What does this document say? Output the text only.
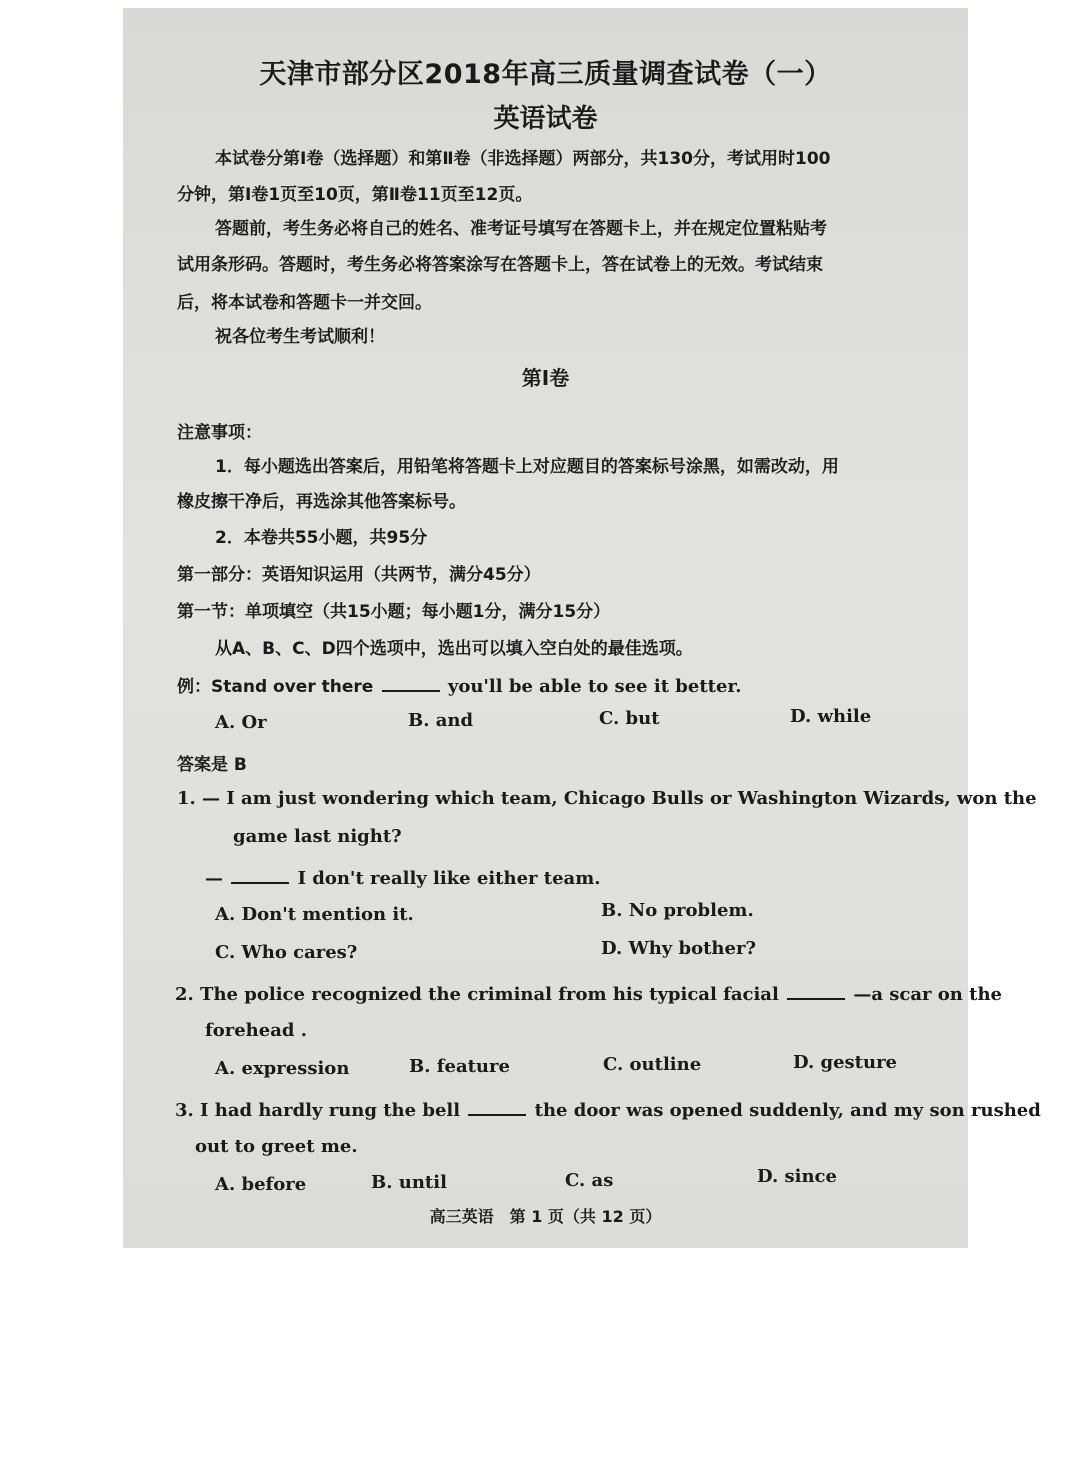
天津市部分区2018年高三质量调查试卷（一）
英语试卷
本试卷分第Ⅰ卷（选择题）和第Ⅱ卷（非选择题）两部分，共130分，考试用时100
分钟，第Ⅰ卷1页至10页，第Ⅱ卷11页至12页。
答题前，考生务必将自己的姓名、准考证号填写在答题卡上，并在规定位置粘贴考
试用条形码。答题时，考生务必将答案涂写在答题卡上，答在试卷上的无效。考试结束
后，将本试卷和答题卡一并交回。
祝各位考生考试顺利！
第Ⅰ卷
注意事项：
1．每小题选出答案后，用铅笔将答题卡上对应题目的答案标号涂黑，如需改动，用
橡皮擦干净后，再选涂其他答案标号。
2．本卷共55小题，共95分
第一部分：英语知识运用（共两节，满分45分）
第一节：单项填空（共15小题；每小题1分，满分15分）
从A、B、C、D四个选项中，选出可以填入空白处的最佳选项。
例：Stand over there	you'll be able to see it better.
A. Or	B. and	C. but	D. while
答案是 B
1. — I am just wondering which team, Chicago Bulls or Washington Wizards, won the
game last night?
—	I don't really like either team.
A. Don't mention it.	B. No problem.
C. Who cares?	D. Why bother?
2. The police recognized the criminal from his typical facial	—a scar on the
forehead .
A. expression	B. feature	C. outline	D. gesture
3. I had hardly rung the bell	the door was opened suddenly, and my son rushed
out to greet me.
A. before	B. until	C. as	D. since
高三英语　第 1 页（共 12 页）
